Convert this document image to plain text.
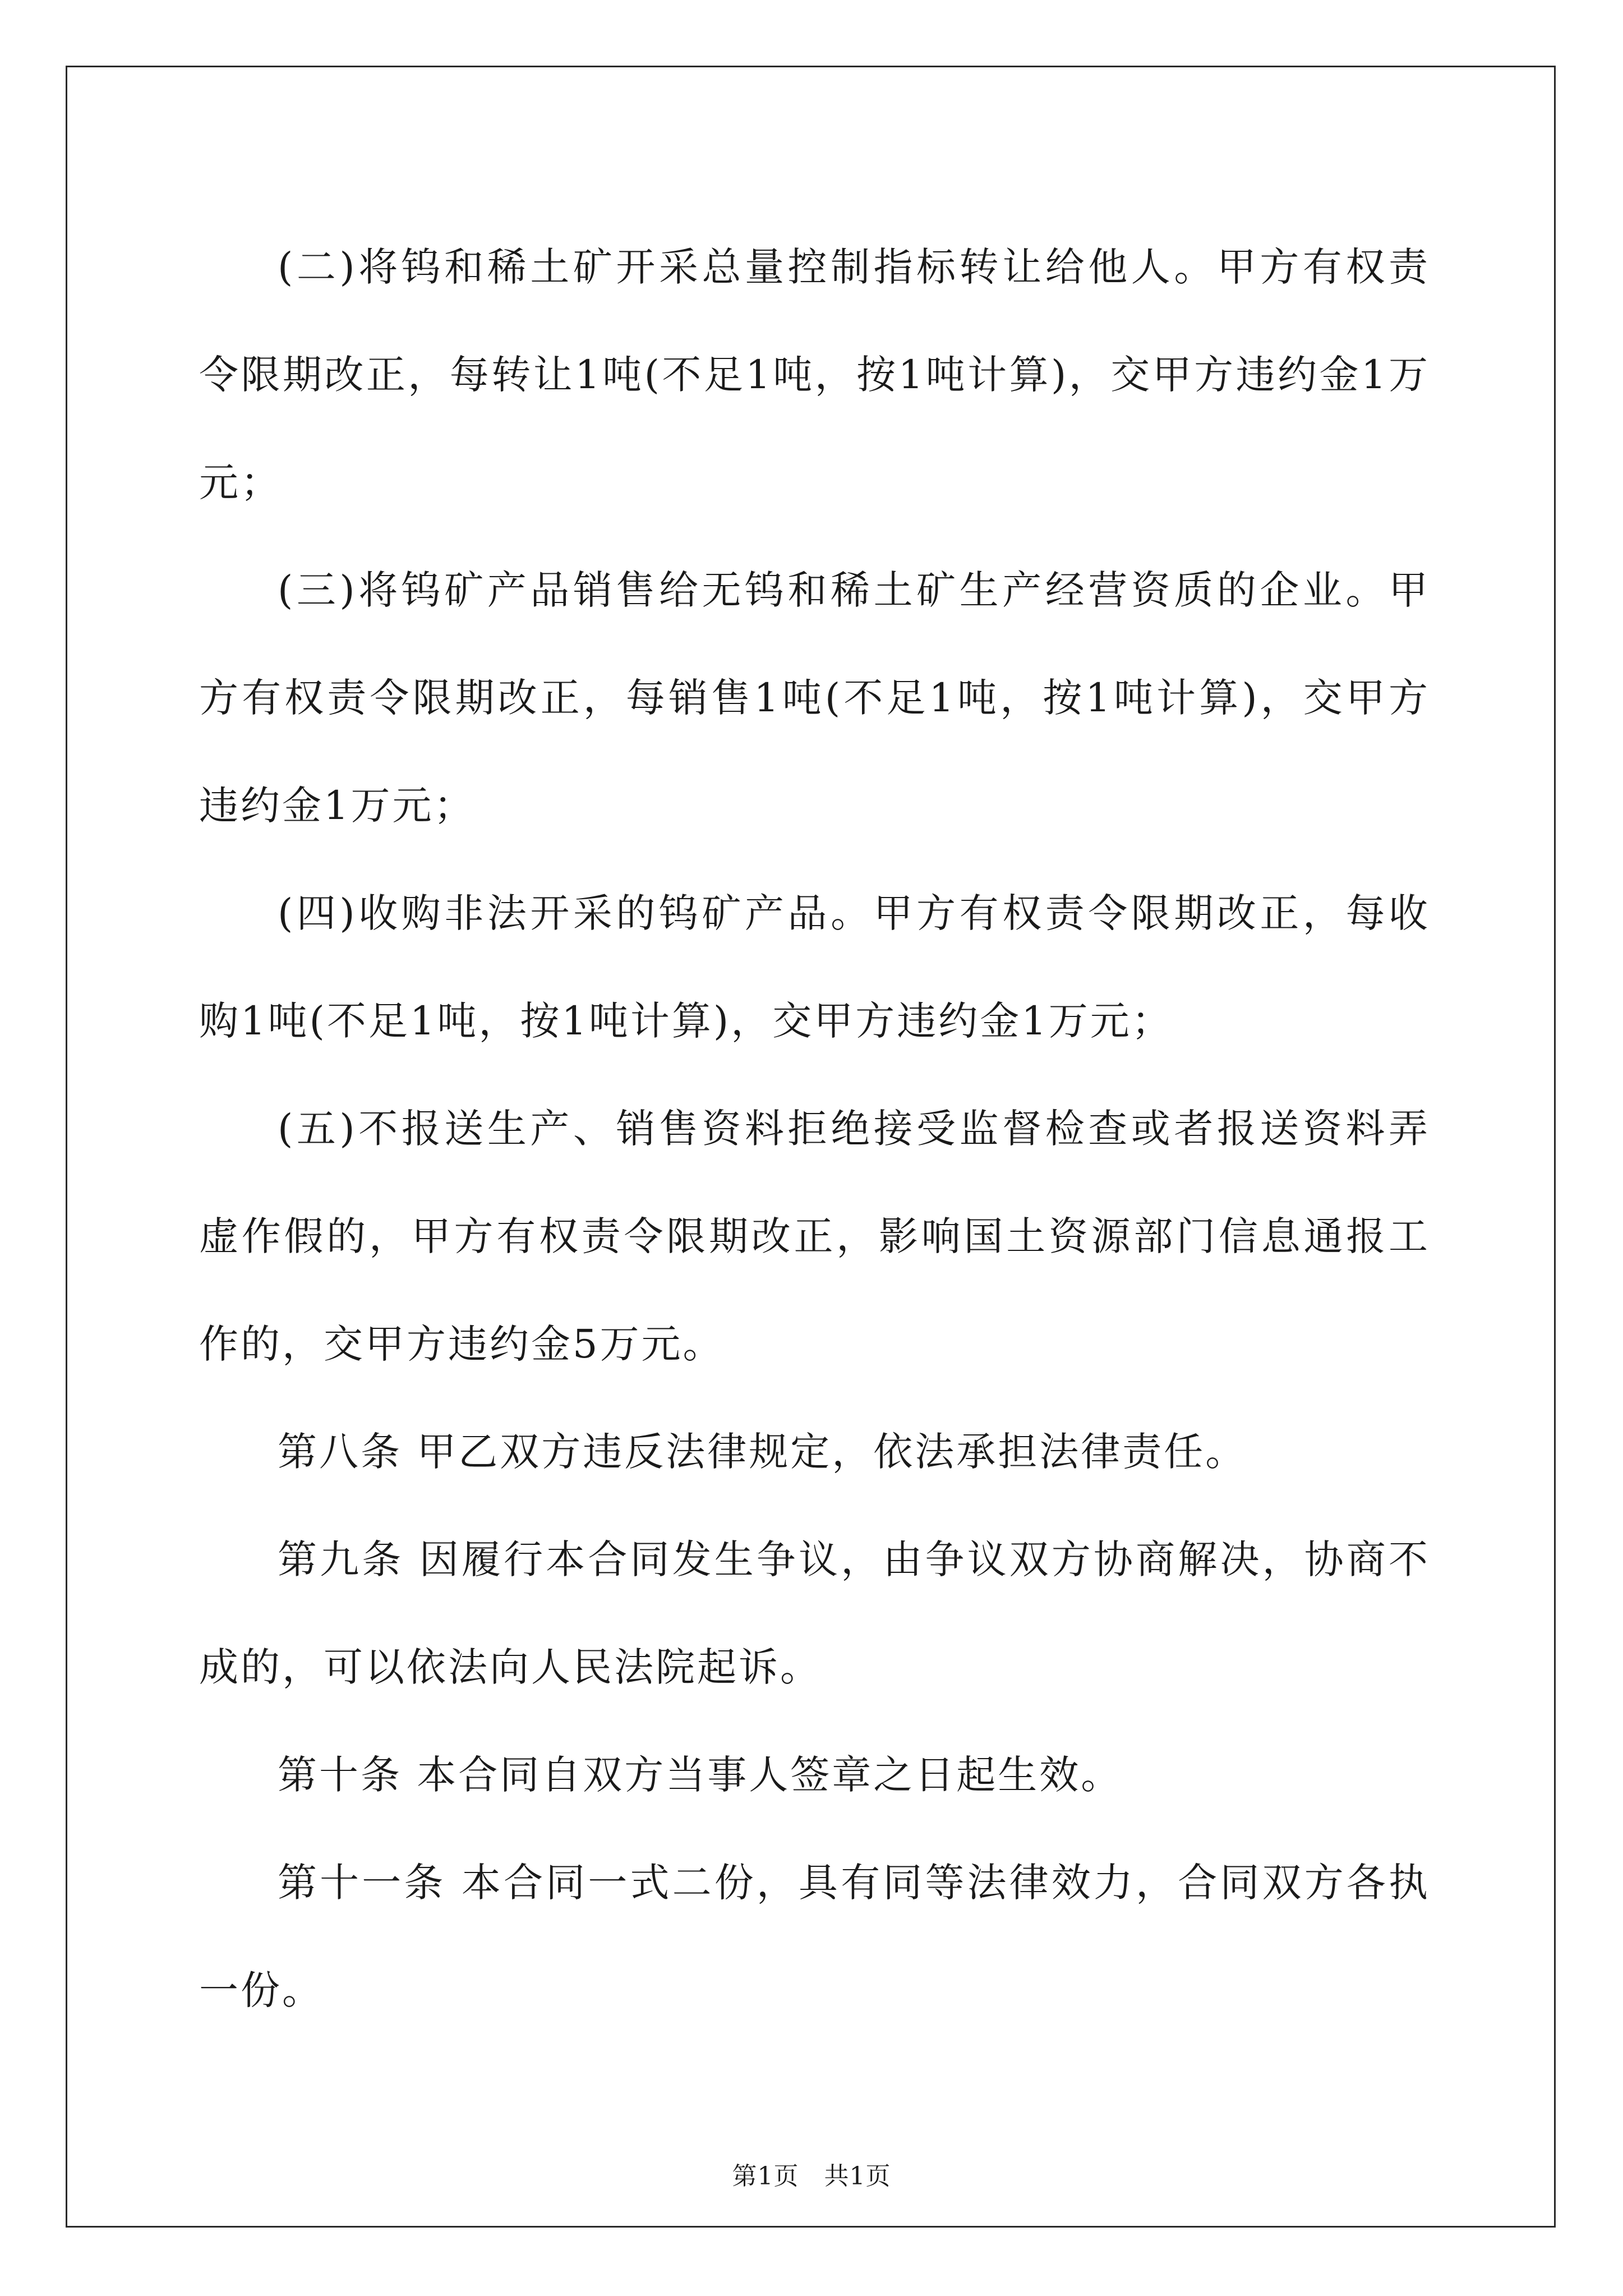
(二)将钨和稀土矿开采总量控制指标转让给他人。甲方有权责令限期改正，每转让1吨(不足1吨，按1吨计算)，交甲方违约金1万元；

(三)将钨矿产品销售给无钨和稀土矿生产经营资质的企业。甲方有权责令限期改正，每销售1吨(不足1吨，按1吨计算)，交甲方违约金1万元；

(四)收购非法开采的钨矿产品。甲方有权责令限期改正，每收购1吨(不足1吨，按1吨计算)，交甲方违约金1万元；

(五)不报送生产、销售资料拒绝接受监督检查或者报送资料弄虚作假的，甲方有权责令限期改正，影响国土资源部门信息通报工作的，交甲方违约金5万元。

第八条 甲乙双方违反法律规定，依法承担法律责任。

第九条 因履行本合同发生争议，由争议双方协商解决，协商不成的，可以依法向人民法院起诉。

第十条 本合同自双方当事人签章之日起生效。

第十一条 本合同一式二份，具有同等法律效力，合同双方各执一份。

第1页 共1页
